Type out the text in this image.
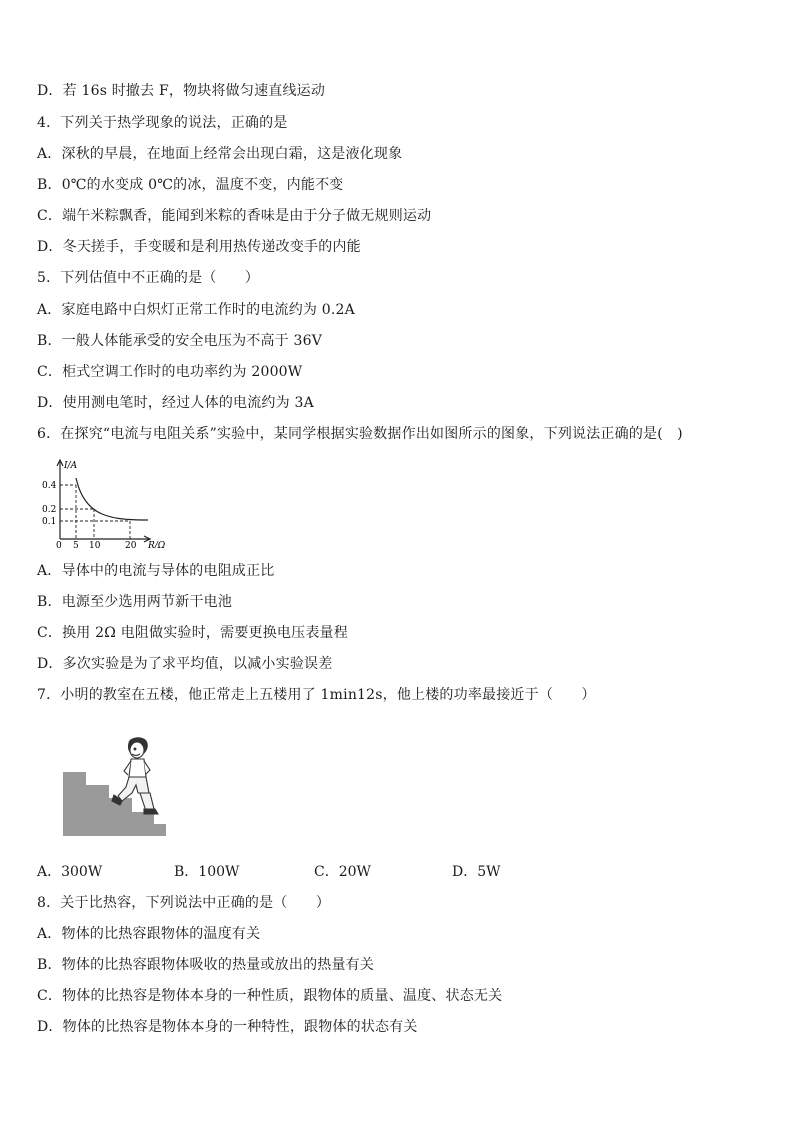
D．若 16s 时撤去 F，物块将做匀速直线运动
4．下列关于热学现象的说法，正确的是
A．深秋的早晨，在地面上经常会出现白霜，这是液化现象
B．0℃的水变成 0℃的冰，温度不变，内能不变
C．端午米粽飘香，能闻到米粽的香味是由于分子做无规则运动
D．冬天搓手，手变暖和是利用热传递改变手的内能
5．下列估值中不正确的是（　　）
A．家庭电路中白炽灯正常工作时的电流约为 0.2A
B．一般人体能承受的安全电压为不高于 36V
C．柜式空调工作时的电功率约为 2000W
D．使用测电笔时，经过人体的电流约为 3A
6．在探究“电流与电阻关系”实验中，某同学根据实验数据作出如图所示的图象，下列说法正确的是(　)
I/A
0.4
0.2
0.1
0 5 10	20 R/Ω
A．导体中的电流与导体的电阻成正比
B．电源至少选用两节新干电池
C．换用 2Ω 电阻做实验时，需要更换电压表量程
D．多次实验是为了求平均值，以减小实验误差
7．小明的教室在五楼，他正常走上五楼用了 1min12s，他上楼的功率最接近于（　　）
A．300W	B．100W	C．20W	D．5W
8．关于比热容，下列说法中正确的是（　　）
A．物体的比热容跟物体的温度有关
B．物体的比热容跟物体吸收的热量或放出的热量有关
C．物体的比热容是物体本身的一种性质，跟物体的质量、温度、状态无关
D．物体的比热容是物体本身的一种特性，跟物体的状态有关
